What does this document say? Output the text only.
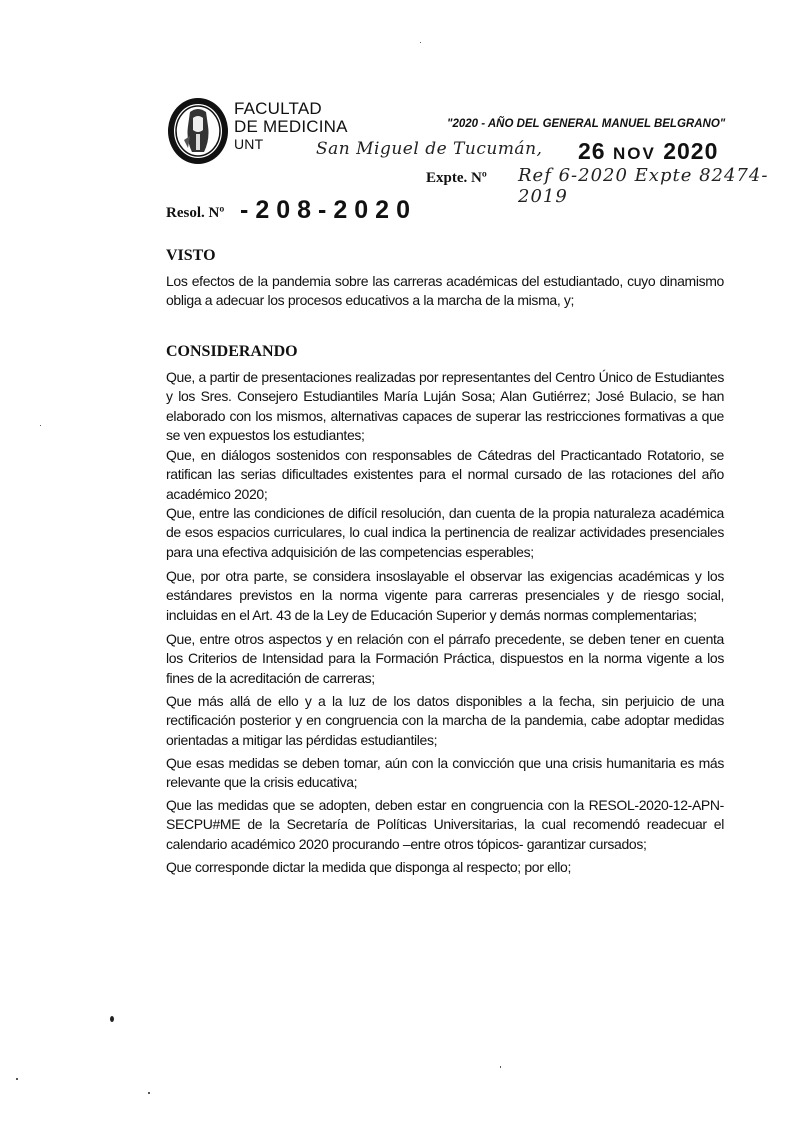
FACULTAD
DE MEDICINA
UNT
"2020 - AÑO DEL GENERAL MANUEL BELGRANO"
San Miguel de Tucumán, 26 NOV 2020
Expte. Nº Ref 6-2020 Expte 82474-2019
Resol. Nº -208-2020
VISTO
Los efectos de la pandemia sobre las carreras académicas del estudiantado, cuyo dinamismo obliga a adecuar los procesos educativos a la marcha de la misma, y;
CONSIDERANDO
Que, a partir de presentaciones realizadas por representantes del Centro Único de Estudiantes y los Sres. Consejero Estudiantiles María Luján Sosa; Alan Gutiérrez; José Bulacio, se han elaborado con los mismos, alternativas capaces de superar las restricciones formativas a que se ven expuestos los estudiantes;
Que, en diálogos sostenidos con responsables de Cátedras del Practicantado Rotatorio, se ratifican las serias dificultades existentes para el normal cursado de las rotaciones del año académico 2020;
Que, entre las condiciones de difícil resolución, dan cuenta de la propia naturaleza académica de esos espacios curriculares, lo cual indica la pertinencia de realizar actividades presenciales para una efectiva adquisición de las competencias esperables;
Que, por otra parte, se considera insoslayable el observar las exigencias académicas y los estándares previstos en la norma vigente para carreras presenciales y de riesgo social, incluidas en el Art. 43 de la Ley de Educación Superior y demás normas complementarias;
Que, entre otros aspectos y en relación con el párrafo precedente, se deben tener en cuenta los Criterios de Intensidad para la Formación Práctica, dispuestos en la norma vigente a los fines de la acreditación de carreras;
Que más allá de ello y a la luz de los datos disponibles a la fecha, sin perjuicio de una rectificación posterior y en congruencia con la marcha de la pandemia, cabe adoptar medidas orientadas a mitigar las pérdidas estudiantiles;
Que esas medidas se deben tomar, aún con la convicción que una crisis humanitaria es más relevante que la crisis educativa;
Que las medidas que se adopten, deben estar en congruencia con la RESOL-2020-12-APN-SECPU#ME de la Secretaría de Políticas Universitarias, la cual recomendó readecuar el calendario académico 2020 procurando –entre otros tópicos- garantizar cursados;
Que corresponde dictar la medida que disponga al respecto; por ello;
